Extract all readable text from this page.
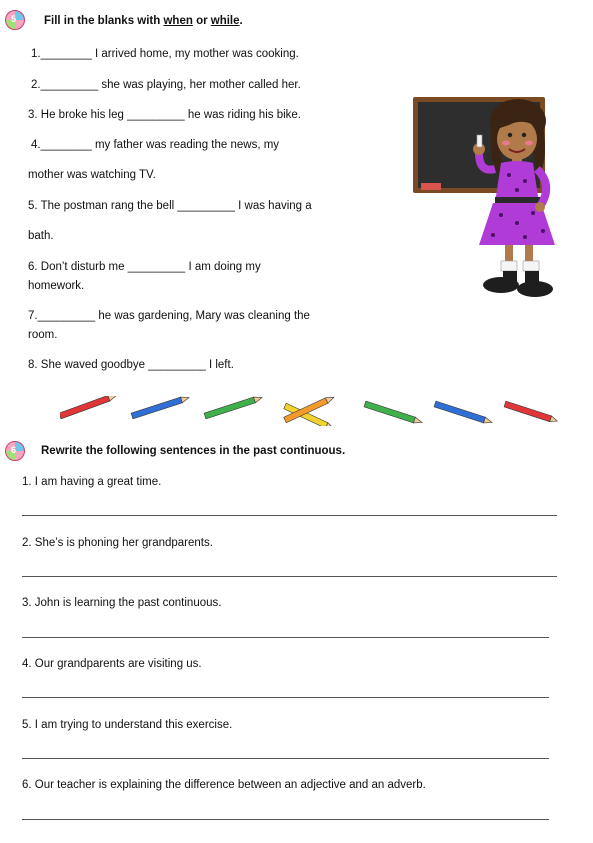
5 Fill in the blanks with when or while.
1.________ I arrived home, my mother was cooking.
2._________ she was playing, her mother called her.
3. He broke his leg _________ he was riding his bike.
4.________ my father was reading the news, my
mother was watching TV.
5. The postman rang the bell _________ I was having a
bath.
6. Don’t disturb me _________ I am doing my
homework.
7._________ he was gardening, Mary was cleaning the
room.
8. She waved goodbye _________ I left.
6 Rewrite the following sentences in the past continuous.
1. I am having a great time.
2. She’s is phoning her grandparents.
3. John is learning the past continuous.
4. Our grandparents are visiting us.
5. I am trying to understand this exercise.
6. Our teacher is explaining the difference between an adjective and an adverb.
